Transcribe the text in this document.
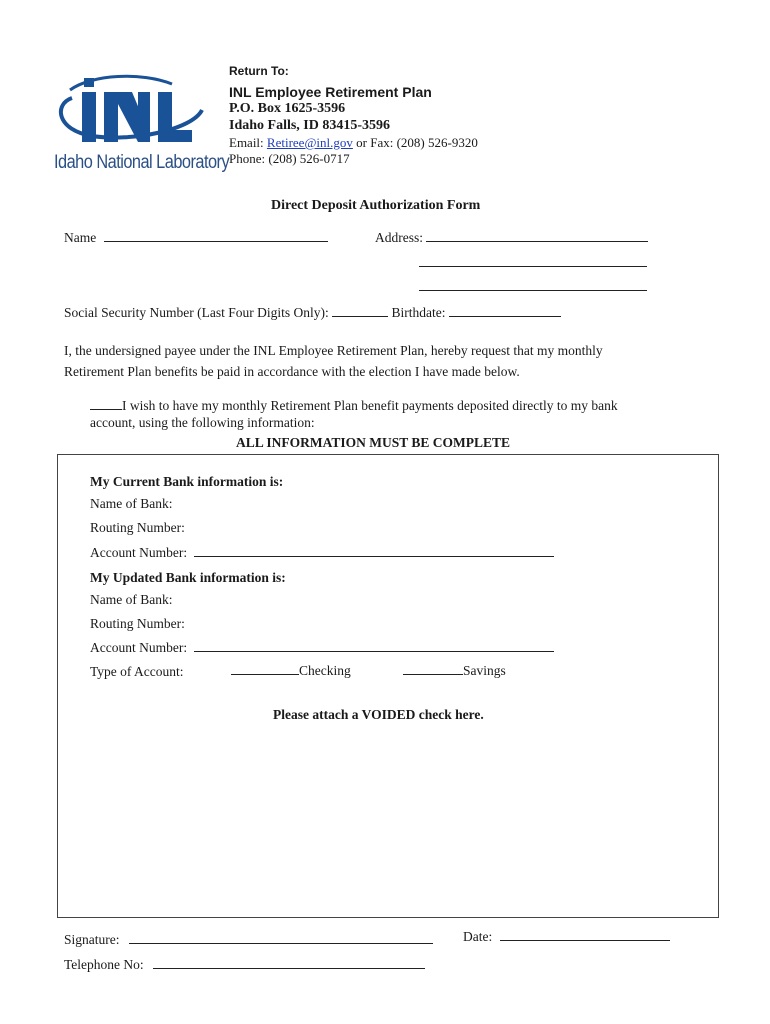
Idaho National Laboratory
Return To:
INL Employee Retirement Plan
P.O. Box 1625-3596
Idaho Falls, ID 83415-3596
Email: Retiree@inl.gov or Fax: (208) 526-9320
Phone: (208) 526-0717
Direct Deposit Authorization Form
Name	Address:
Social Security Number (Last Four Digits Only):	Birthdate:
I, the undersigned payee under the INL Employee Retirement Plan, hereby request that my monthly
Retirement Plan benefits be paid in accordance with the election I have made below.
I wish to have my monthly Retirement Plan benefit payments deposited directly to my bank
account, using the following information:
ALL INFORMATION MUST BE COMPLETE
My Current Bank information is:
Name of Bank:
Routing Number:
Account Number:
My Updated Bank information is:
Name of Bank:
Routing Number:
Account Number:
Type of Account:	Checking	Savings
Please attach a VOIDED check here.
Signature:	Date:
Telephone No:
